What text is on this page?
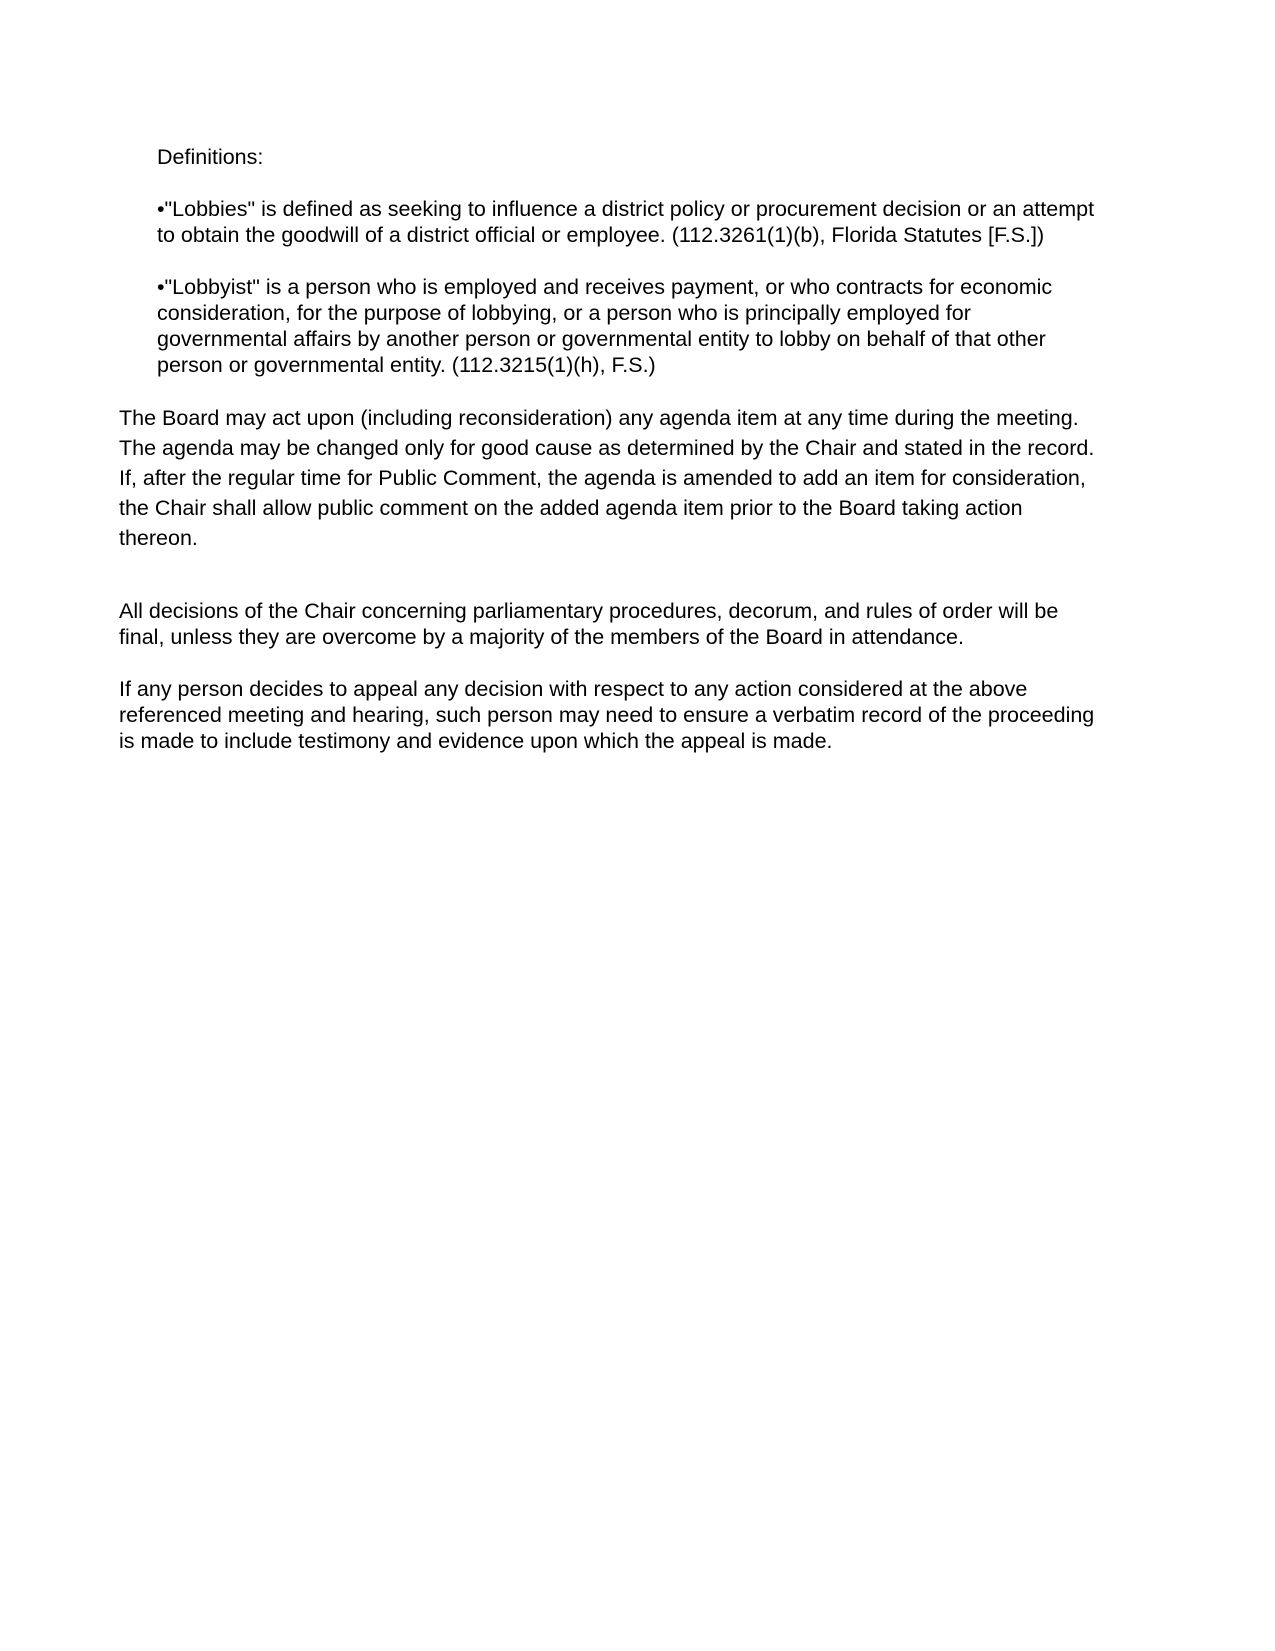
Definitions:

•"Lobbies" is defined as seeking to influence a district policy or procurement decision or an attempt
to obtain the goodwill of a district official or employee. (112.3261(1)(b), Florida Statutes [F.S.])

•"Lobbyist" is a person who is employed and receives payment, or who contracts for economic
consideration, for the purpose of lobbying, or a person who is principally employed for
governmental affairs by another person or governmental entity to lobby on behalf of that other
person or governmental entity. (112.3215(1)(h), F.S.)

The Board may act upon (including reconsideration) any agenda item at any time during the meeting.
The agenda may be changed only for good cause as determined by the Chair and stated in the record.
If, after the regular time for Public Comment, the agenda is amended to add an item for consideration,
the Chair shall allow public comment on the added agenda item prior to the Board taking action
thereon.

All decisions of the Chair concerning parliamentary procedures, decorum, and rules of order will be
final, unless they are overcome by a majority of the members of the Board in attendance.

If any person decides to appeal any decision with respect to any action considered at the above
referenced meeting and hearing, such person may need to ensure a verbatim record of the proceeding
is made to include testimony and evidence upon which the appeal is made.
